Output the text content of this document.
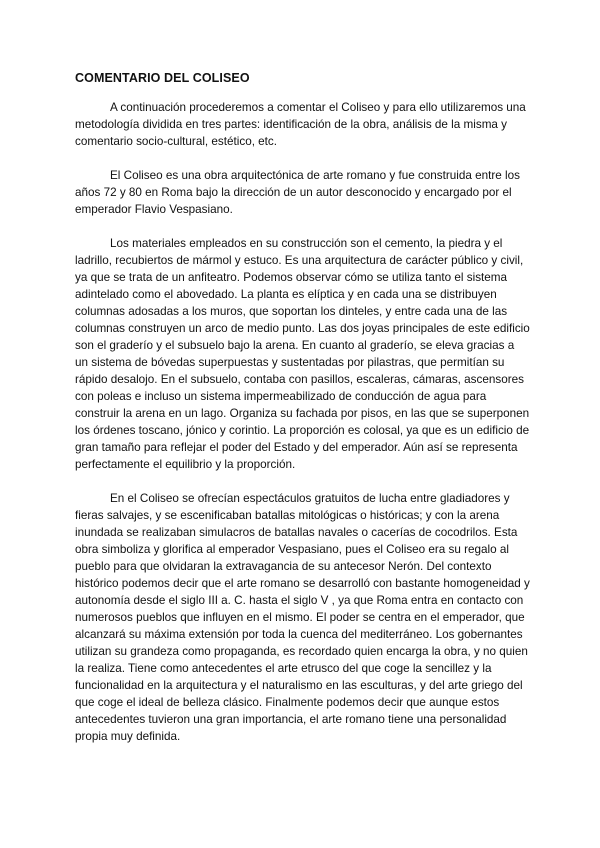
COMENTARIO DEL COLISEO

A continuación procederemos a comentar el Coliseo y para ello utilizaremos una metodología dividida en tres partes: identificación de la obra, análisis de la misma y comentario socio-cultural, estético, etc.

El Coliseo es una obra arquitectónica de arte romano y fue construida entre los años 72 y 80 en Roma bajo la dirección de un autor desconocido y encargado por el emperador Flavio Vespasiano.

Los materiales empleados en su construcción son el cemento, la piedra y el ladrillo, recubiertos de mármol y estuco. Es una arquitectura de carácter público y civil, ya que se trata de un anfiteatro. Podemos observar cómo se utiliza tanto el sistema adintelado como el abovedado. La planta es elíptica y en cada una se distribuyen columnas adosadas a los muros, que soportan los dinteles, y entre cada una de las columnas construyen un arco de medio punto. Las dos joyas principales de este edificio son el graderío y el subsuelo bajo la arena. En cuanto al graderío, se eleva gracias a un sistema de bóvedas superpuestas y sustentadas por pilastras, que permitían su rápido desalojo. En el subsuelo, contaba con pasillos, escaleras, cámaras, ascensores con poleas e incluso un sistema impermeabilizado de conducción de agua para construir la arena en un lago. Organiza su fachada por pisos, en las que se superponen los órdenes toscano, jónico y corintio. La proporción es colosal, ya que es un edificio de gran tamaño para reflejar el poder del Estado y del emperador. Aún así se representa perfectamente el equilibrio y la proporción.

En el Coliseo se ofrecían espectáculos gratuitos de lucha entre gladiadores y fieras salvajes, y se escenificaban batallas mitológicas o históricas; y con la arena inundada se realizaban simulacros de batallas navales o cacerías de cocodrilos. Esta obra simboliza y glorifica al emperador Vespasiano, pues el Coliseo era su regalo al pueblo para que olvidaran la extravagancia de su antecesor Nerón. Del contexto histórico podemos decir que el arte romano se desarrolló con bastante homogeneidad y autonomía desde el siglo III a. C. hasta el siglo V , ya que Roma entra en contacto con numerosos pueblos que influyen en el mismo. El poder se centra en el emperador, que alcanzará su máxima extensión por toda la cuenca del mediterráneo. Los gobernantes utilizan su grandeza como propaganda, es recordado quien encarga la obra, y no quien la realiza. Tiene como antecedentes el arte etrusco del que coge la sencillez y la funcionalidad en la arquitectura y el naturalismo en las esculturas, y del arte griego del que coge el ideal de belleza clásico. Finalmente podemos decir que aunque estos antecedentes tuvieron una gran importancia, el arte romano tiene una personalidad propia muy definida.
